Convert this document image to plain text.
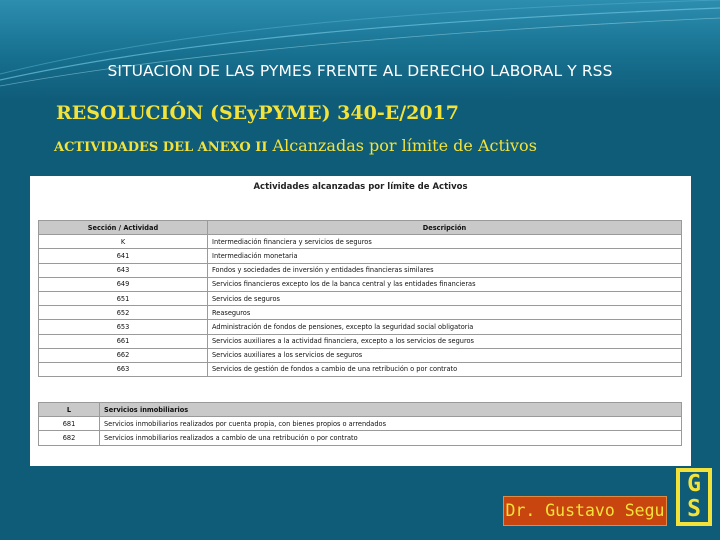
SITUACION DE LAS PYMES FRENTE AL DERECHO LABORAL Y RSS
RESOLUCIÓN (SEyPYME) 340-E/2017
ACTIVIDADES DEL ANEXO II Alcanzadas por límite de Activos
Actividades alcanzadas por límite de Activos
Sección / Actividad	Descripción
K	Intermediación financiera y servicios de seguros
641	Intermediación monetaria
643	Fondos y sociedades de inversión y entidades financieras similares
649	Servicios financieros excepto los de la banca central y las entidades financieras
651	Servicios de seguros
652	Reaseguros
653	Administración de fondos de pensiones, excepto la seguridad social obligatoria
661	Servicios auxiliares a la actividad financiera, excepto a los servicios de seguros
662	Servicios auxiliares a los servicios de seguros
663	Servicios de gestión de fondos a cambio de una retribución o por contrato
L	Servicios inmobiliarios
681	Servicios inmobiliarios realizados por cuenta propia, con bienes propios o arrendados
682	Servicios inmobiliarios realizados a cambio de una retribución o por contrato
Dr. Gustavo Segu
G
S
